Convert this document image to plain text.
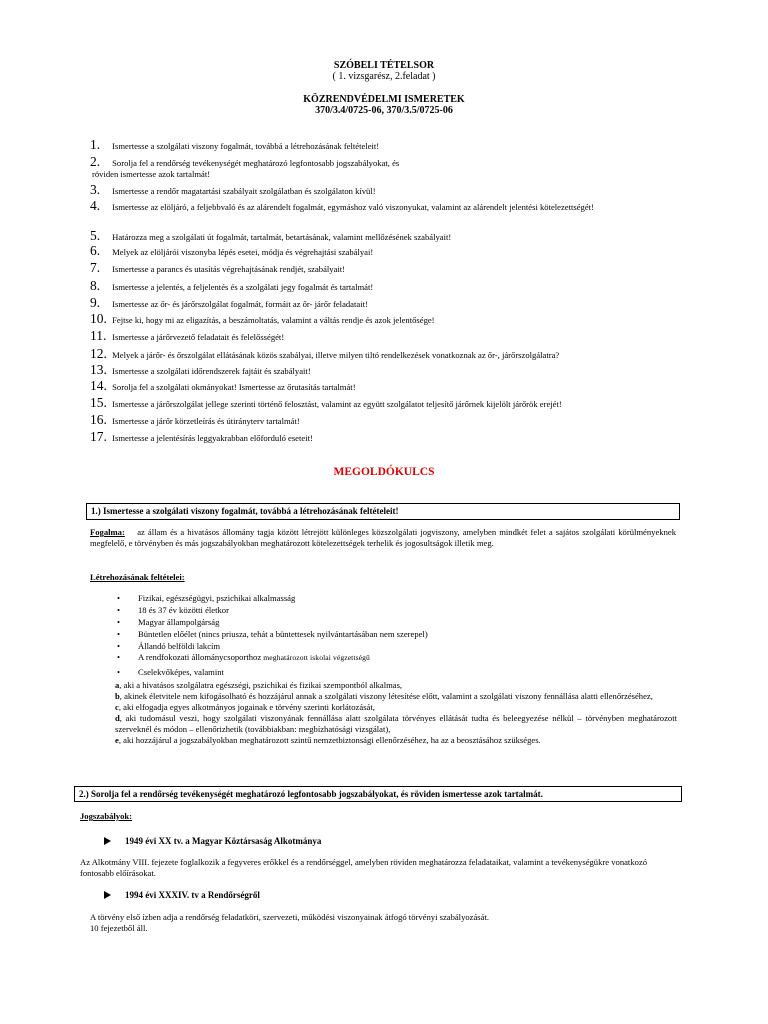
SZÓBELI TÉTELSOR
( 1. vizsgarész, 2.feladat )
KÖZRENDVÉDELMI ISMERETEK
370/3.4/0725-06, 370/3.5/0725-06
1. Ismertesse a szolgálati viszony fogalmát, továbbá a létrehozásának feltételeit!
2. Sorolja fel a rendőrség tevékenységét meghatározó legfontosabb jogszabályokat, és
röviden ismertesse azok tartalmát!
3. Ismertesse a rendőr magatartási szabályait szolgálatban és szolgálaton kívül!
4. Ismertesse az elöljáró, a feljebbvaló és az alárendelt fogalmát, egymáshoz való viszonyukat, valamint az alárendelt jelentési kötelezettségét!
5. Határozza meg a szolgálati út fogalmát, tartalmát, betartásának, valamint mellőzésének szabályait!
6. Melyek az elöljárói viszonyba lépés esetei, módja és végrehajtási szabályai!
7. Ismertesse a parancs és utasítás végrehajtásának rendjét, szabályait!
8. Ismertesse a jelentés, a feljelentés és a szolgálati jegy fogalmát és tartalmát!
9. Ismertesse az őr- és járőrszolgálat fogalmát, formáit az őr- járőr feladatait!
10. Fejtse ki, hogy mi az eligazítás, a beszámoltatás, valamint a váltás rendje és azok jelentősége!
11. Ismertesse a járőrvezető feladatait és felelősségét!
12. Melyek a járőr- és őrszolgálat ellátásának közös szabályai, illetve milyen tiltó rendelkezések vonatkoznak az őr-, járőrszolgálatra?
13. Ismertesse a szolgálati időrendszerek fajtáit és szabályait!
14. Sorolja fel a szolgálati okmányokat! Ismertesse az őrutasítás tartalmát!
15. Ismertesse a járőrszolgálat jellege szerinti történő felosztást, valamint az együtt szolgálatot teljesítő járőrnek kijelölt járőrök erejét!
16. Ismertesse a járőr körzetleírás és útirányterv tartalmát!
17. Ismertesse a jelentésírás leggyakrabban előforduló eseteit!
MEGOLDÓKULCS
1.) Ismertesse a szolgálati viszony fogalmát, továbbá a létrehozásának feltételeit!
Fogalma: az állam és a hivatásos állomány tagja között létrejött különleges közszolgálati jogviszony, amelyben mindkét felet a sajátos szolgálati körülményeknek megfelelő, e törvényben és más jogszabályokban meghatározott kötelezettségek terhelik és jogosultságok illetik meg.
Létrehozásának feltételei:
• Fizikai, egészségügyi, pszichikai alkalmasság
• 18 és 37 év közötti életkor
• Magyar állampolgárság
• Büntetlen előélet (nincs priusza, tehát a büntettesek nyilvántartásában nem szerepel)
• Állandó belföldi lakcím
• A rendfokozati állománycsoporthoz meghatározott iskolai végzettségű
• Cselekvőképes, valamint
a, aki a hivatásos szolgálatra egészségi, pszichikai és fizikai szempontból alkalmas,
b, akinek életvitele nem kifogásolható és hozzájárul annak a szolgálati viszony létesítése előtt, valamint a szolgálati viszony fennállása alatti ellenőrzéséhez,
c, aki elfogadja egyes alkotmányos jogainak e törvény szerinti korlátozását,
d, aki tudomásul veszi, hogy szolgálati viszonyának fennállása alatt szolgálata törvényes ellátását tudta és beleegyezése nélkül – törvényben meghatározott szerveknél és módon – ellenőrizhetik (továbbiakban: megbízhatósági vizsgálat),
e, aki hozzájárul a jogszabályokban meghatározott szintű nemzetbiztonsági ellenőrzéséhez, ha az a beosztásához szükséges.
2.) Sorolja fel a rendőrség tevékenységét meghatározó legfontosabb jogszabályokat, és röviden ismertesse azok tartalmát.
Jogszabályok:
1949 évi XX tv. a Magyar Köztársaság Alkotmánya
Az Alkotmány VIII. fejezete foglalkozik a fegyveres erőkkel és a rendőrséggel, amelyben röviden meghatározza feladataikat, valamint a tevékenységükre vonatkozó fontosabb előírásokat.
1994 évi XXXIV. tv a Rendőrségről
A törvény első ízben adja a rendőrség feladatköri, szervezeti, működési viszonyainak átfogó törvényi szabályozását.
10 fejezetből áll.
